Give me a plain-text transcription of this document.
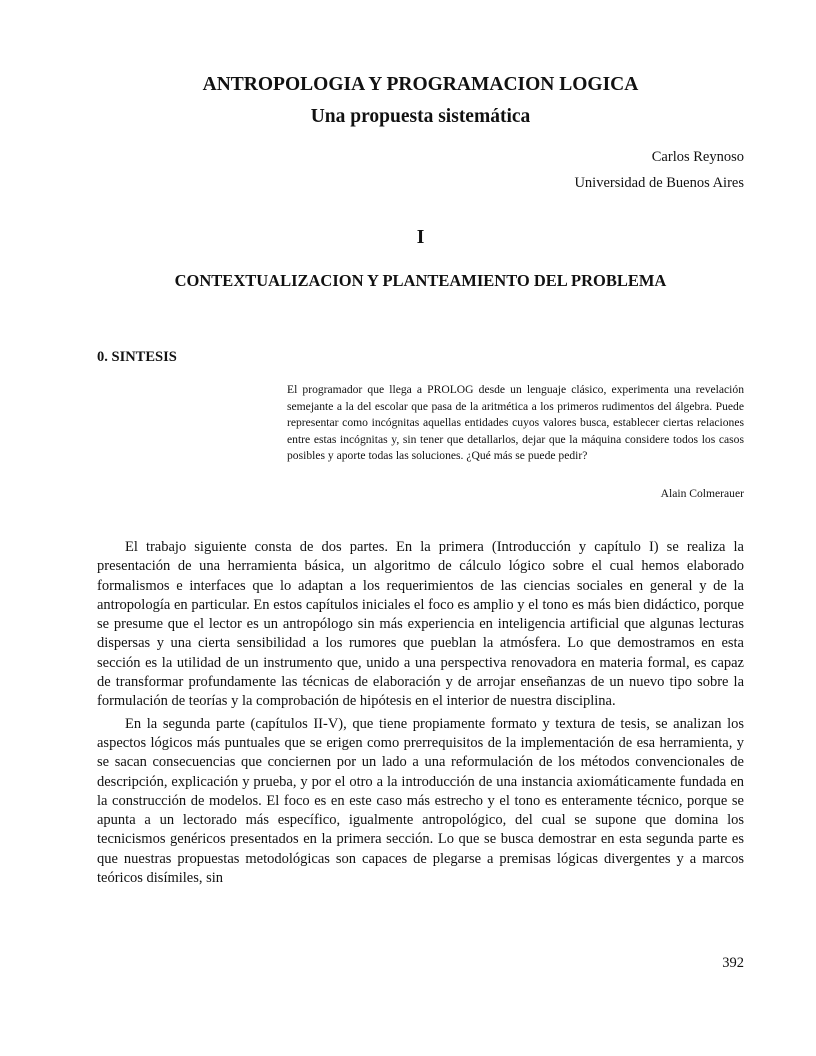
ANTROPOLOGIA Y PROGRAMACION LOGICA
Una propuesta sistemática

Carlos Reynoso

Universidad de Buenos Aires

I
CONTEXTUALIZACION Y PLANTEAMIENTO DEL PROBLEMA
0. SINTESIS

El programador que llega a PROLOG desde un lenguaje clásico, experimenta una revelación semejante a la del escolar que pasa de la aritmética a los primeros rudimentos del álgebra. Puede representar como incógnitas aquellas entidades cuyos valores busca, establecer ciertas relaciones entre estas incógnitas y, sin tener que detallarlos, dejar que la máquina considere todos los casos posibles y aporte todas las soluciones. ¿Qué más se puede pedir?

Alain Colmerauer

El trabajo siguiente consta de dos partes. En la primera (Introducción y capítulo I) se realiza la presentación de una herramienta básica, un algoritmo de cálculo lógico sobre el cual hemos elaborado formalismos e interfaces que lo adaptan a los requerimientos de las ciencias sociales en general y de la antropología en particular. En estos capítulos iniciales el foco es amplio y el tono es más bien didáctico, porque se presume que el lector es un antropólogo sin más experiencia en inteligencia artificial que algunas lecturas dispersas y una cierta sensibilidad a los rumores que pueblan la atmósfera. Lo que demostramos en esta sección es la utilidad de un instrumento que, unido a una perspectiva renovadora en materia formal, es capaz de transformar profundamente las técnicas de elaboración y de arrojar enseñanzas de un nuevo tipo sobre la formulación de teorías y la comprobación de hipótesis en el interior de nuestra disciplina.

En la segunda parte (capítulos II-V), que tiene propiamente formato y textura de tesis, se analizan los aspectos lógicos más puntuales que se erigen como prerrequisitos de la implementación de esa herramienta, y se sacan consecuencias que conciernen por un lado a una reformulación de los métodos convencionales de descripción, explicación y prueba, y por el otro a la introducción de una instancia axiomáticamente fundada en la construcción de modelos. El foco es en este caso más estrecho y el tono es enteramente técnico, porque se apunta a un lectorado más específico, igualmente antropológico, del cual se supone que domina los tecnicismos genéricos presentados en la primera sección. Lo que se busca demostrar en esta segunda parte es que nuestras propuestas metodológicas son capaces de plegarse a premisas lógicas divergentes y a marcos teóricos disímiles, sin

392
